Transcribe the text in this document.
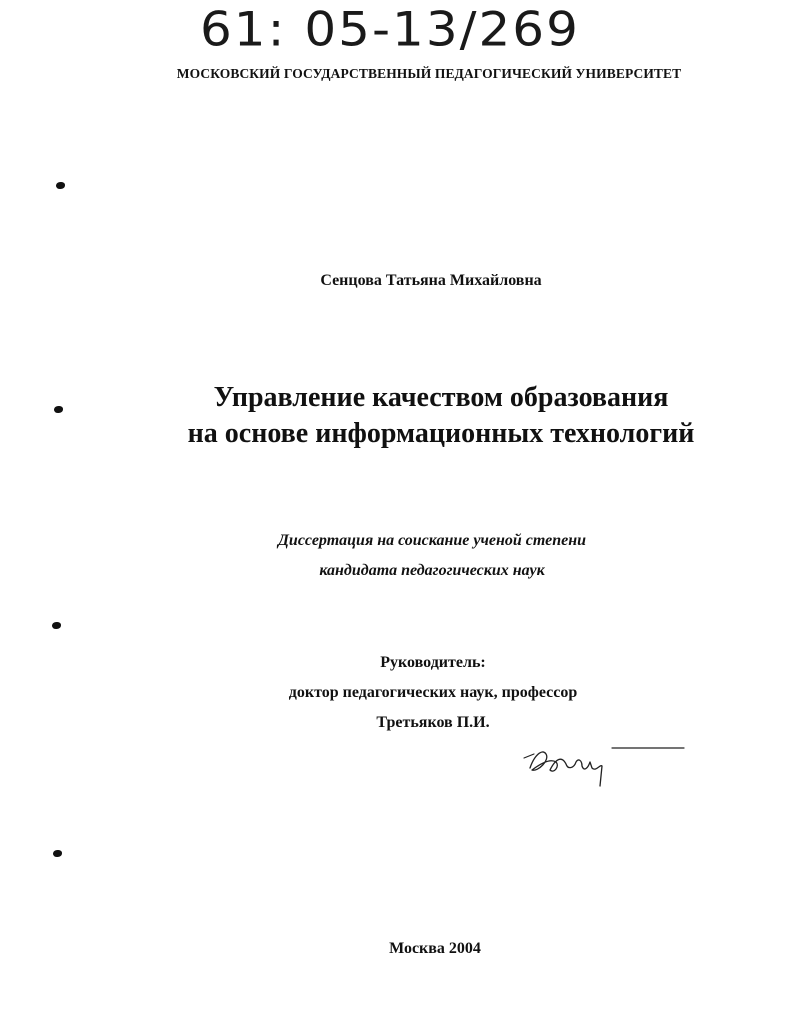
61: 05-13/269
МОСКОВСКИЙ ГОСУДАРСТВЕННЫЙ ПЕДАГОГИЧЕСКИЙ УНИВЕРСИТЕТ
Сенцова Татьяна Михайловна
Управление качеством образования
на основе информационных технологий
Диссертация на соискание ученой степени
кандидата педагогических наук
Руководитель:
доктор педагогических наук, профессор
Третьяков П.И.
Москва 2004
